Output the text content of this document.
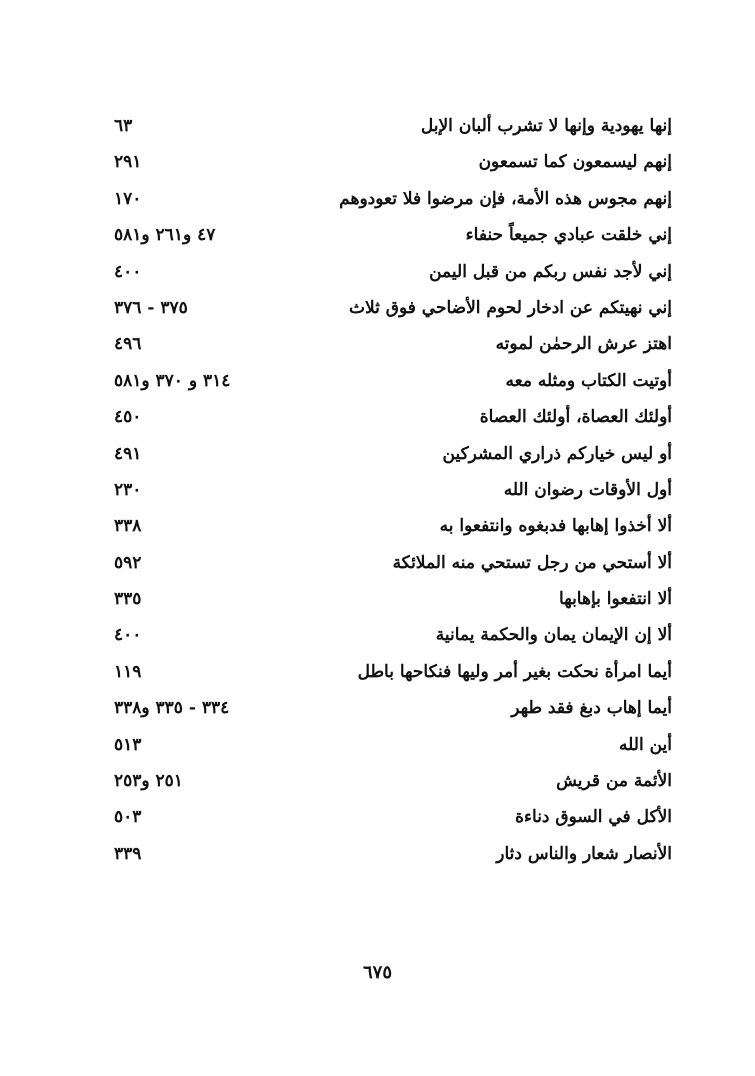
إنها يهودية وإنها لا تشرب ألبان الإبل
٦٣
إنهم ليسمعون كما تسمعون
٢٩١
إنهم مجوس هذه الأمة، فإن مرضوا فلا تعودوهم
١٧٠
إني خلقت عبادي جميعاً حنفاء
٤٧ و٢٦١ و٥٨١
إني لأجد نفس ربكم من قبل اليمن
٤٠٠
إني نهيتكم عن ادخار لحوم الأضاحي فوق ثلاث
٣٧٥ - ٣٧٦
اهتز عرش الرحمٰن لموته
٤٩٦
أوتيت الكتاب ومثله معه
٣١٤ و ٣٧٠ و٥٨١
أولئك العصاة، أولئك العصاة
٤٥٠
أو ليس خياركم ذراري المشركين
٤٩١
أول الأوقات رضوان الله
٢٣٠
ألا أخذوا إهابها فدبغوه وانتفعوا به
٣٣٨
ألا أستحي من رجل تستحي منه الملائكة
٥٩٢
ألا انتفعوا بإهابها
٣٣٥
ألا إن الإيمان يمان والحكمة يمانية
٤٠٠
أيما امرأة نحكت بغير أمر وليها فنكاحها باطل
١١٩
أيما إهاب دبغ فقد طهر
٣٣٤ - ٣٣٥ و٣٣٨
أين الله
٥١٣
الأئمة من قريش
٢٥١ و٢٥٣
الأكل في السوق دناءة
٥٠٣
الأنصار شعار والناس دثار
٣٣٩
٦٧٥
